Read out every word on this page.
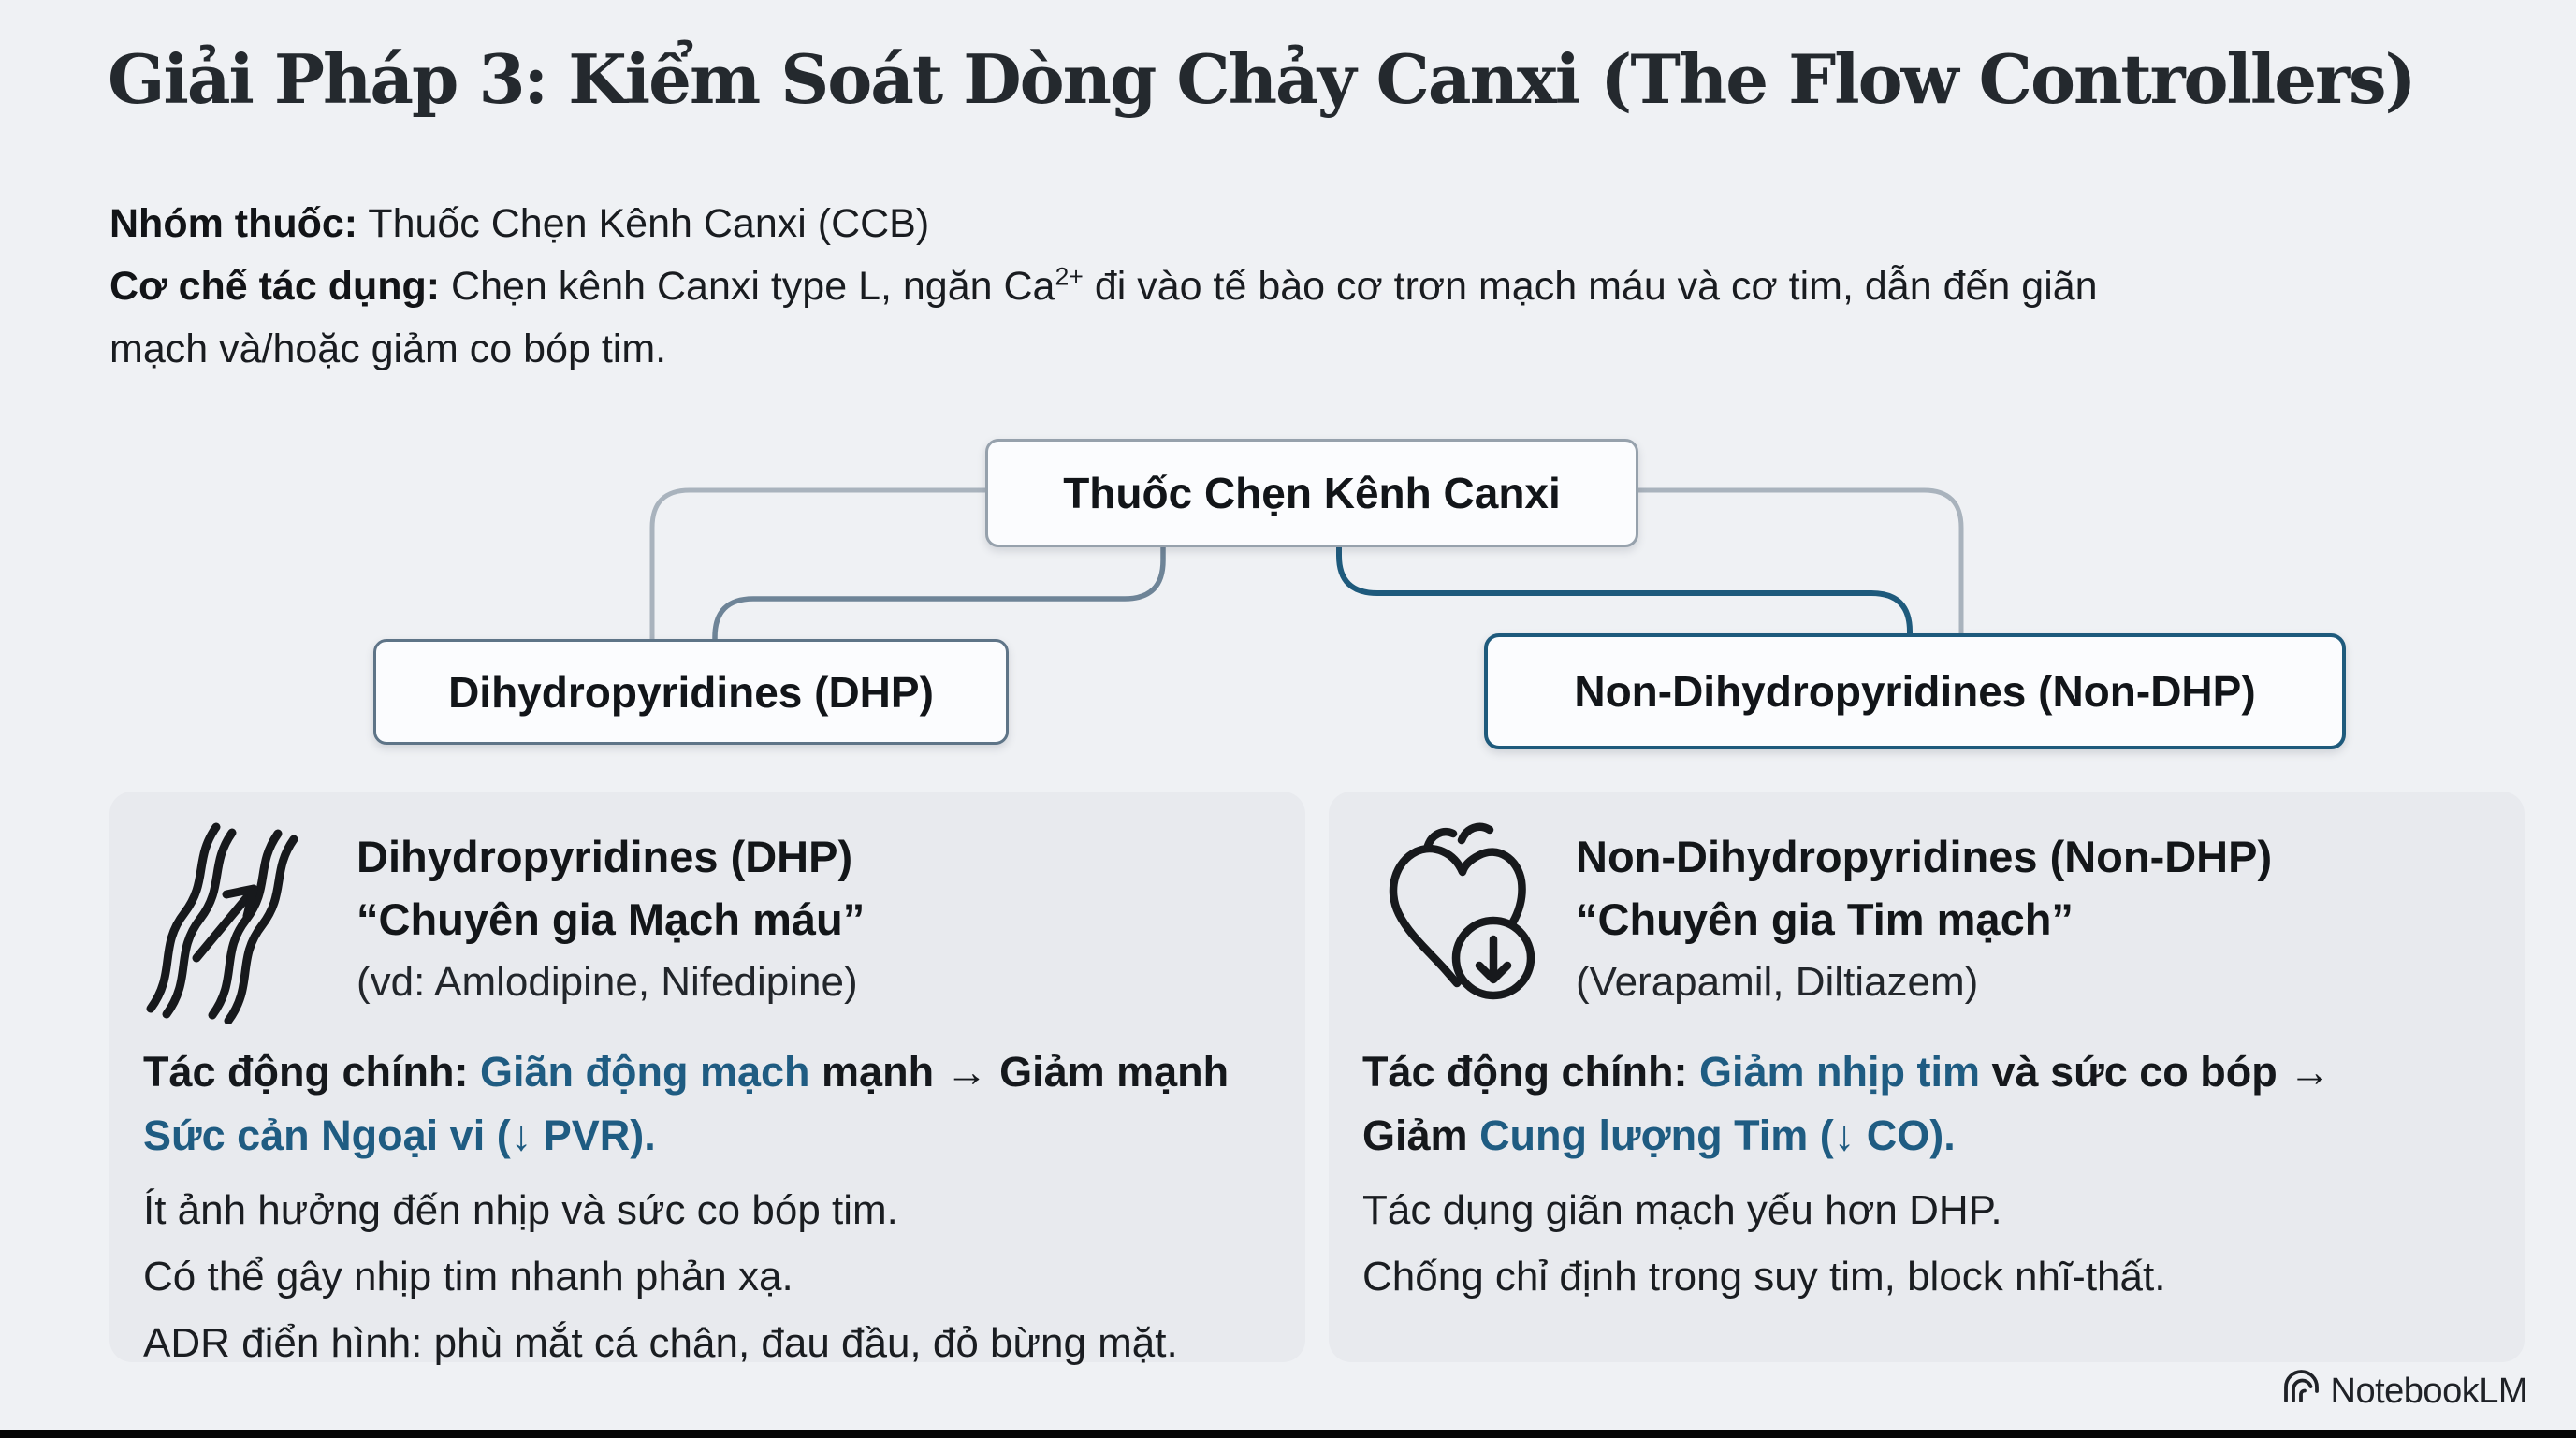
Giải Pháp 3: Kiểm Soát Dòng Chảy Canxi (The Flow Controllers)
Nhóm thuốc: Thuốc Chẹn Kênh Canxi (CCB)
Cơ chế tác dụng: Chẹn kênh Canxi type L, ngăn $Ca^{2+}$ đi vào tế bào cơ trơn mạch máu và cơ tim, dẫn đến giãn
mạch và/hoặc giảm co bóp tim.
Thuốc Chẹn Kênh Canxi
Dihydropyridines (DHP)	Non-Dihydropyridines (Non-DHP)
Dihydropyridines (DHP)
“Chuyên gia Mạch máu”
(vd: Amlodipine, Nifedipine)
Tác động chính: Giãn động mạch mạnh → Giảm mạnh
Sức cản Ngoại vi (↓ PVR).
Ít ảnh hưởng đến nhịp và sức co bóp tim.
Có thể gây nhịp tim nhanh phản xạ.
ADR điển hình: phù mắt cá chân, đau đầu, đỏ bừng mặt.
Non-Dihydropyridines (Non-DHP)
“Chuyên gia Tim mạch”
(Verapamil, Diltiazem)
Tác động chính: Giảm nhịp tim và sức co bóp →
Giảm Cung lượng Tim (↓ CO).
Tác dụng giãn mạch yếu hơn DHP.
Chống chỉ định trong suy tim, block nhĩ-thất.
NotebookLM
